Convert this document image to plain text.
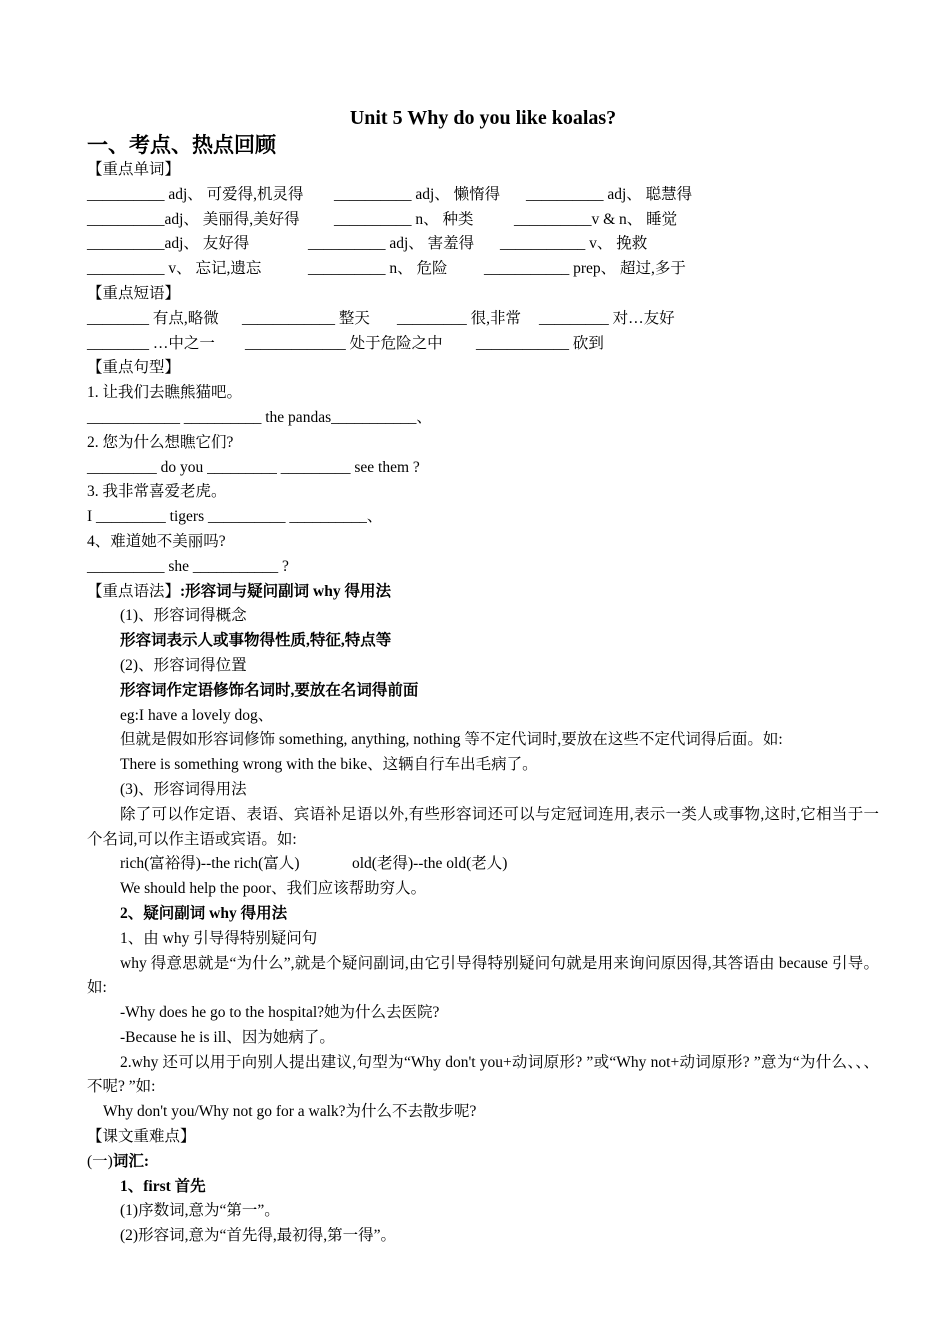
Unit 5 Why do you like koalas?
一、考点、热点回顾
【重点单词】
__________ adj、 可爱得,机灵得 __________ adj、 懒惰得 __________ adj、 聪慧得
__________adj、 美丽得,美好得 __________ n、 种类	__________v & n、 睡觉
__________adj、 友好得	__________ adj、 害羞得 ___________ v、 挽救
__________ v、 忘记,遗忘	__________ n、 危险 ___________ prep、 超过,多于
【重点短语】
________ 有点,略微 ____________ 整天 _________ 很,非常 _________ 对…友好
________ …中之一 _____________ 处于危险之中 ____________ 砍到
【重点句型】
1. 让我们去瞧熊猫吧。
____________ __________ the pandas___________、
2. 您为什么想瞧它们?
_________ do you _________ _________ see them ?
3. 我非常喜爱老虎。
I _________ tigers __________ __________、
4、难道她不美丽吗?
__________ she ___________ ?
【重点语法】:形容词与疑问副词 why 得用法
(1)、形容词得概念
形容词表示人或事物得性质,特征,特点等
(2)、形容词得位置
形容词作定语修饰名词时,要放在名词得前面
eg:I have a lovely dog、
但就是假如形容词修饰 something, anything, nothing 等不定代词时,要放在这些不定代词得后面。如:
There is something wrong with the bike、这辆自行车出毛病了。
(3)、形容词得用法
除了可以作定语、表语、宾语补足语以外,有些形容词还可以与定冠词连用,表示一类人或事物,这时,它相当于一个名词,可以作主语或宾语。如:
rich(富裕得)--the rich(富人)	old(老得)--the old(老人)
We should help the poor、我们应该帮助穷人。
2、疑问副词 why 得用法
1、由 why 引导得特别疑问句
why 得意思就是“为什么”,就是个疑问副词,由它引导得特别疑问句就是用来询问原因得,其答语由 because 引导。如:
-Why does he go to the hospital?她为什么去医院?
-Because he is ill、因为她病了。
2.why 还可以用于向别人提出建议,句型为“Why don't you+动词原形? ”或“Why not+动词原形? ”意为“为什么、、、不呢? ”如:
Why don't you/Why not go for a walk?为什么不去散步呢?
【课文重难点】
(一)词汇:
1、first 首先
(1)序数词,意为“第一”。
(2)形容词,意为“首先得,最初得,第一得”。
